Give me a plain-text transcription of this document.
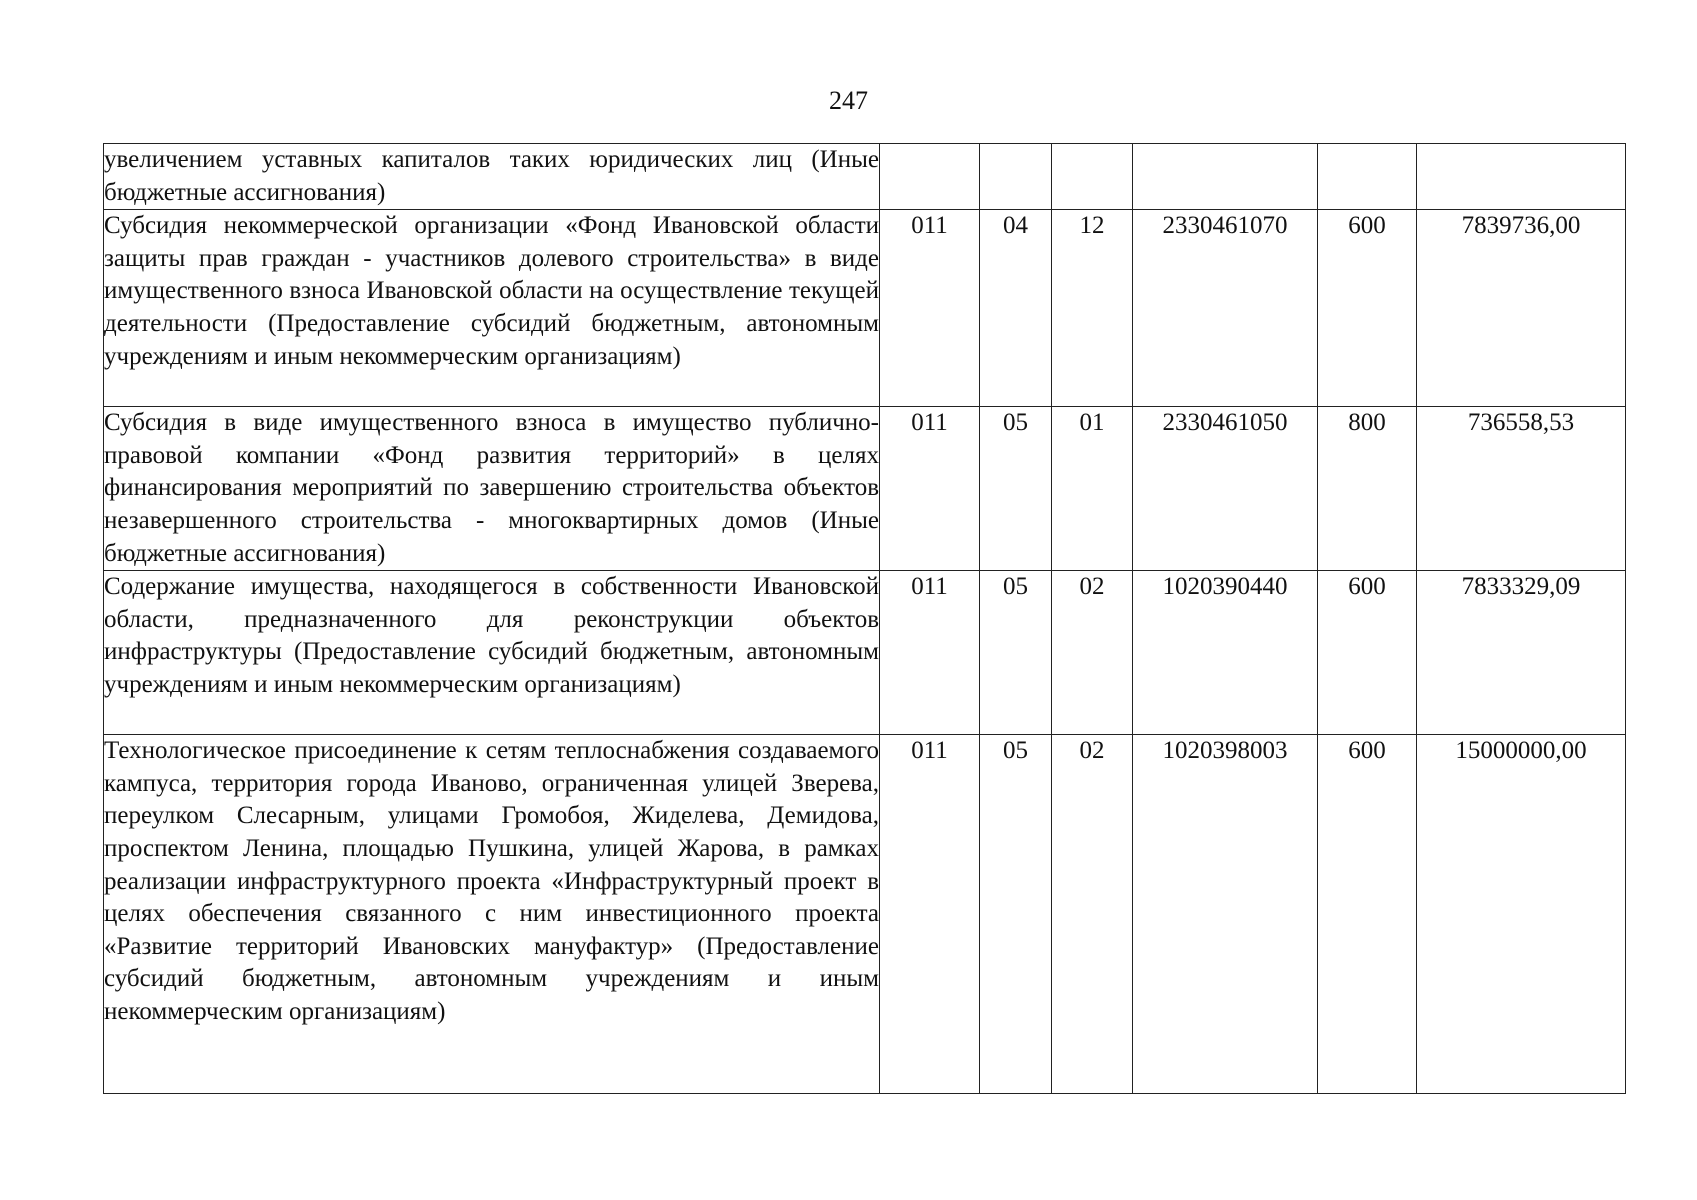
247
увеличением уставных капиталов таких юридических лиц (Иные бюджетные ассигнования)						
Субсидия некоммерческой организации «Фонд Ивановской области защиты прав граждан - участников долевого строительства» в виде имущественного взноса Ивановской области на осуществление текущей деятельности (Предоставление субсидий бюджетным, автономным учреждениям и иным некоммерческим организациям)	011	04	12	2330461070	600	7839736,00
Субсидия в виде имущественного взноса в имущество публично-правовой компании «Фонд развития территорий» в целях финансирования мероприятий по завершению строительства объектов незавершенного строительства - многоквартирных домов (Иные бюджетные ассигнования)	011	05	01	2330461050	800	736558,53
Содержание имущества, находящегося в собственности Ивановской области, предназначенного для реконструкции объектов инфраструктуры (Предоставление субсидий бюджетным, автономным учреждениям и иным некоммерческим организациям)	011	05	02	1020390440	600	7833329,09
Технологическое присоединение к сетям теплоснабжения создаваемого кампуса, территория города Иваново, ограниченная улицей Зверева, переулком Слесарным, улицами Громобоя, Жиделева, Демидова, проспектом Ленина, площадью Пушкина, улицей Жарова, в рамках реализации инфраструктурного проекта «Инфраструктурный проект в целях обеспечения связанного с ним инвестиционного проекта «Развитие территорий Ивановских мануфактур» (Предоставление субсидий бюджетным, автономным учреждениям и иным некоммерческим организациям)	011	05	02	1020398003	600	15000000,00
